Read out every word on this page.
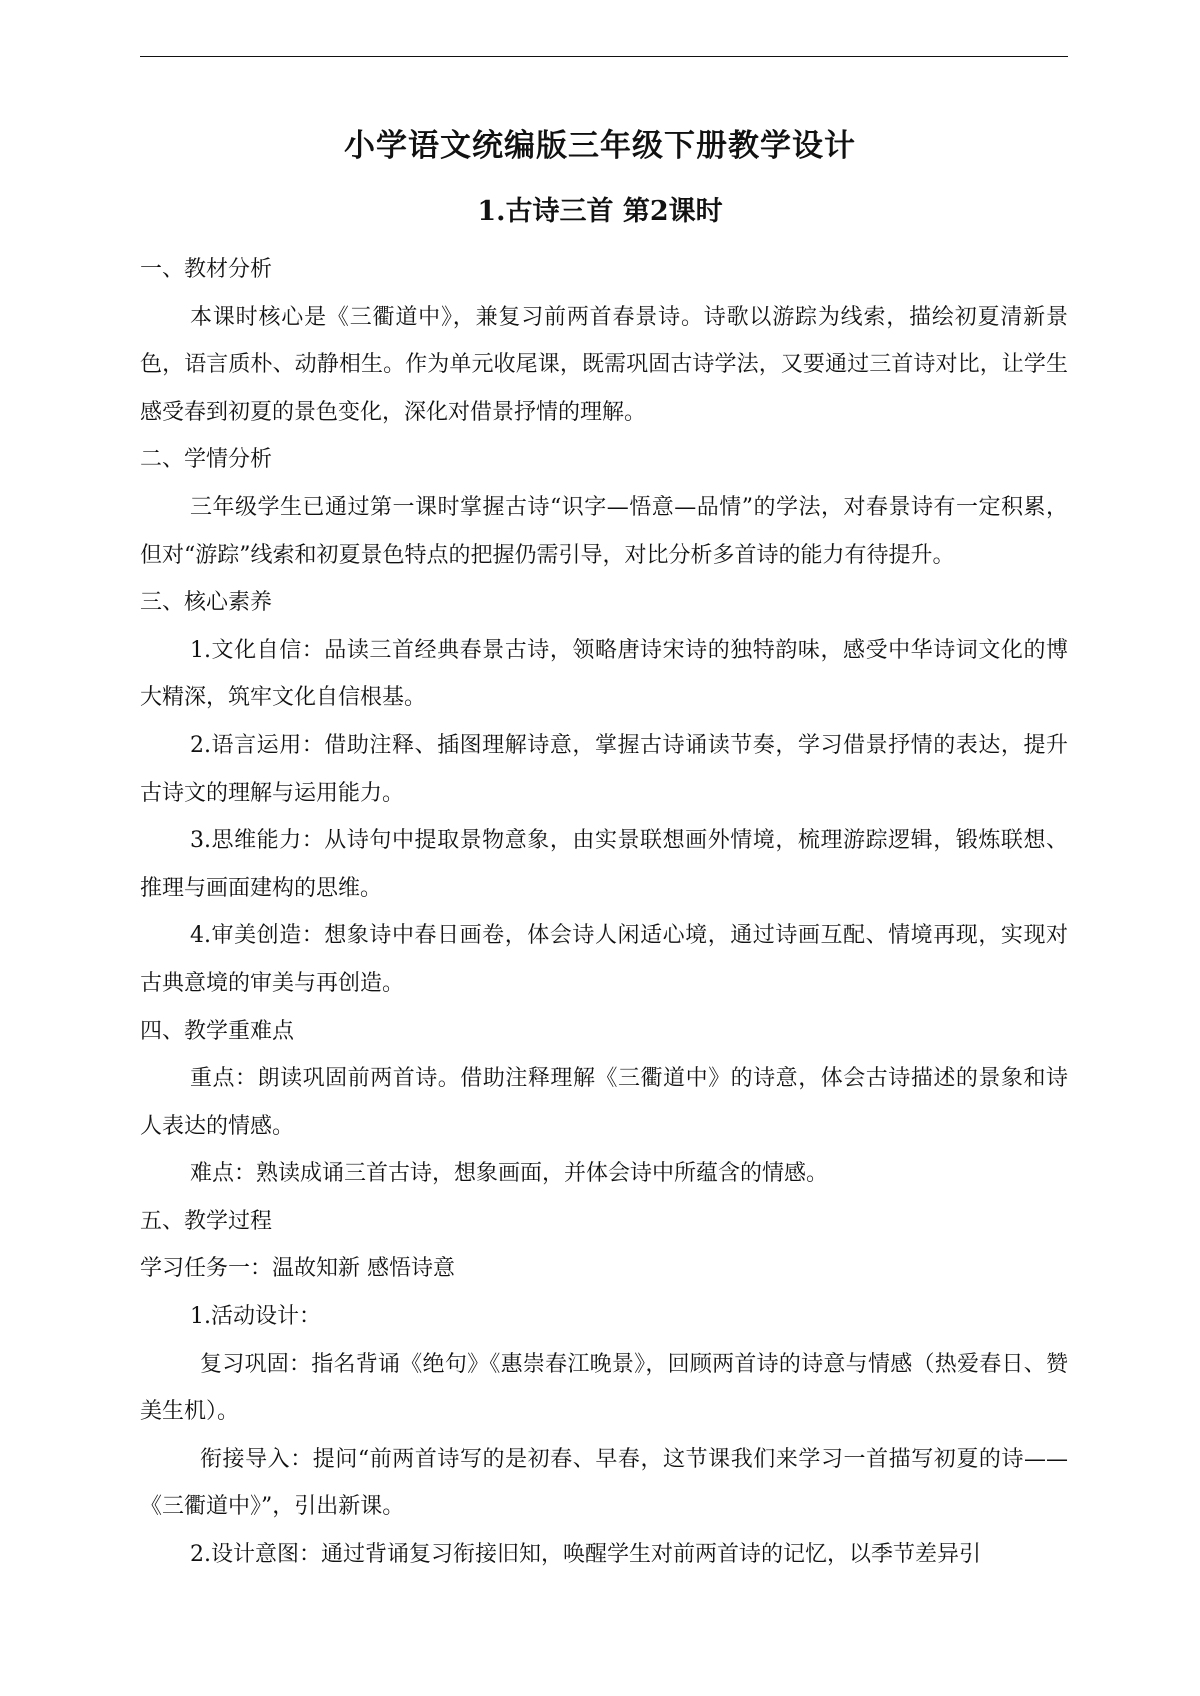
小学语文统编版三年级下册教学设计
1.古诗三首 第2课时

一、教材分析

本课时核心是《三衢道中》，兼复习前两首春景诗。诗歌以游踪为线索，描绘初夏清新景色，语言质朴、动静相生。作为单元收尾课，既需巩固古诗学法，又要通过三首诗对比，让学生感受春到初夏的景色变化，深化对借景抒情的理解。

二、学情分析

三年级学生已通过第一课时掌握古诗“识字—悟意—品情”的学法，对春景诗有一定积累，但对“游踪”线索和初夏景色特点的把握仍需引导，对比分析多首诗的能力有待提升。

三、核心素养

1.文化自信：品读三首经典春景古诗，领略唐诗宋诗的独特韵味，感受中华诗词文化的博大精深，筑牢文化自信根基。

2.语言运用：借助注释、插图理解诗意，掌握古诗诵读节奏，学习借景抒情的表达，提升古诗文的理解与运用能力。

3.思维能力：从诗句中提取景物意象，由实景联想画外情境，梳理游踪逻辑，锻炼联想、推理与画面建构的思维。

4.审美创造：想象诗中春日画卷，体会诗人闲适心境，通过诗画互配、情境再现，实现对古典意境的审美与再创造。

四、教学重难点

重点：朗读巩固前两首诗。借助注释理解《三衢道中》的诗意，体会古诗描述的景象和诗人表达的情感。

难点：熟读成诵三首古诗，想象画面，并体会诗中所蕴含的情感。

五、教学过程

学习任务一：温故知新 感悟诗意

1.活动设计：

复习巩固：指名背诵《绝句》《惠崇春江晚景》，回顾两首诗的诗意与情感（热爱春日、赞美生机）。

衔接导入：提问“前两首诗写的是初春、早春，这节课我们来学习一首描写初夏的诗——《三衢道中》”，引出新课。

2.设计意图：通过背诵复习衔接旧知，唤醒学生对前两首诗的记忆，以季节差异引
